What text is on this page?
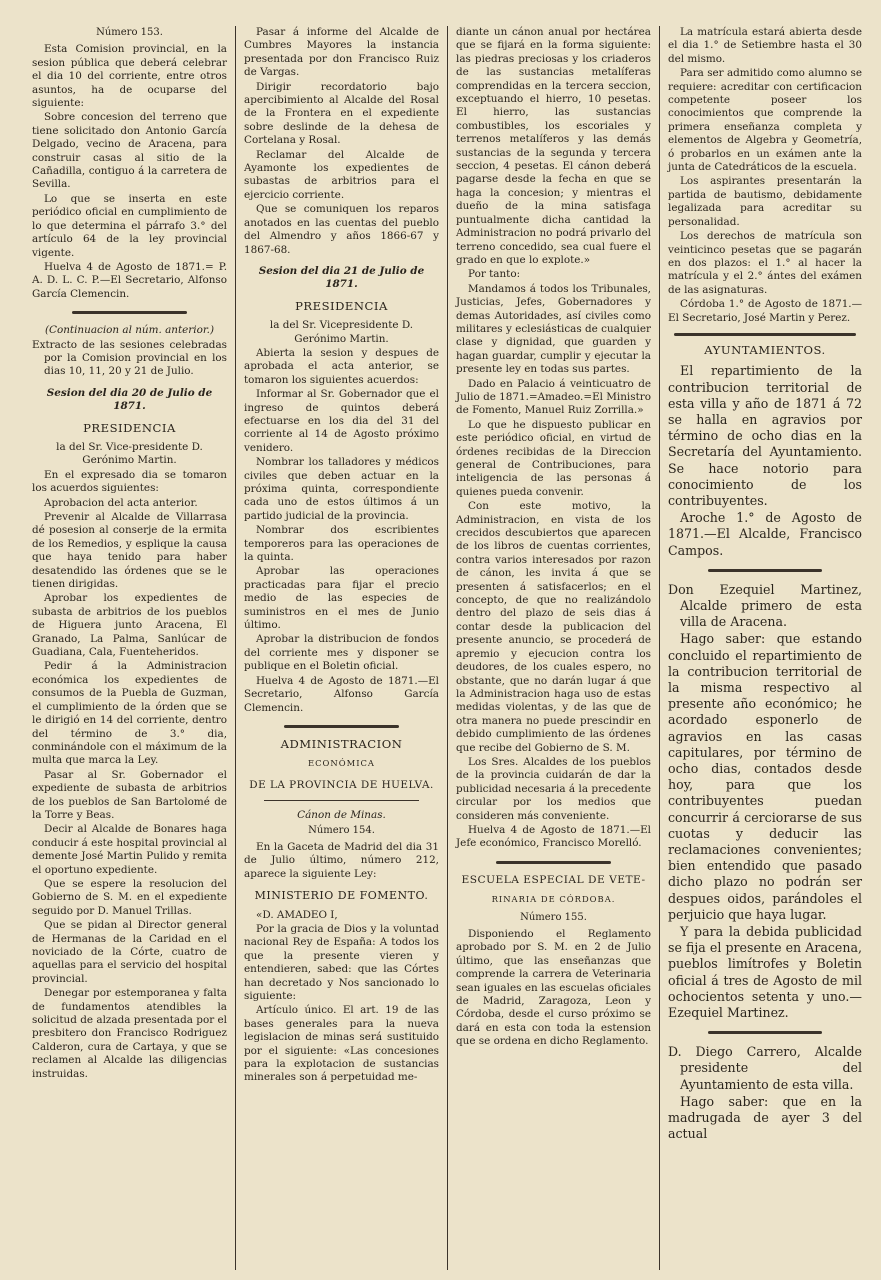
Número 153.

Esta Comision provincial, en la sesion pública que deberá celebrar el dia 10 del corriente, entre otros asuntos, ha de ocuparse del siguiente:

Sobre concesion del terreno que tiene solicitado don Antonio García Delgado, vecino de Aracena, para construir casas al sitio de la Cañadilla, contiguo á la carretera de Sevilla.

Lo que se inserta en este periódico oficial en cumplimiento de lo que determina el párrafo 3.° del artículo 64 de la ley provincial vigente.

Huelva 4 de Agosto de 1871.= P. A. D. L. C. P.—El Secretario, Alfonso García Clemencin.

(Continuacion al núm. anterior.)

Extracto de las sesiones celebradas por la Comision provincial en los dias 10, 11, 20 y 21 de Julio.

Sesion del dia 20 de Julio de 1871.
PRESIDENCIA

la del Sr. Vice-presidente D. Gerónimo Martin.

En el expresado dia se tomaron los acuerdos siguientes:

Aprobacion del acta anterior.

Prevenir al Alcalde de Villarrasa dé posesion al conserje de la ermita de los Remedios, y esplique la causa que haya tenido para haber desatendido las órdenes que se le tienen dirigidas.

Aprobar los expedientes de subasta de arbitrios de los pueblos de Higuera junto Aracena, El Granado, La Palma, Sanlúcar de Guadiana, Cala, Fuenteheridos.

Pedir á la Administracion económica los expedientes de consumos de la Puebla de Guzman, el cumplimiento de la órden que se le dirigió en 14 del corriente, dentro del término de 3.° dia, conminándole con el máximum de la multa que marca la Ley.

Pasar al Sr. Gobernador el expediente de subasta de arbitrios de los pueblos de San Bartolomé de la Torre y Beas.

Decir al Alcalde de Bonares haga conducir á este hospital provincial al demente José Martin Pulido y remita el oportuno expediente.

Que se espere la resolucion del Gobierno de S. M. en el expediente seguido por D. Manuel Trillas.

Que se pidan al Director general de Hermanas de la Caridad en el noviciado de la Córte, cuatro de aquellas para el servicio del hospital provincial.

Denegar por estemporanea y falta de fundamentos atendibles la solicitud de alzada presentada por el presbitero don Francisco Rodriguez Calderon, cura de Cartaya, y que se reclamen al Alcalde las diligencias instruidas.

Pasar á informe del Alcalde de Cumbres Mayores la instancia presentada por don Francisco Ruiz de Vargas.

Dirigir recordatorio bajo apercibimiento al Alcalde del Rosal de la Frontera en el expediente sobre deslinde de la dehesa de Cortelana y Rosal.

Reclamar del Alcalde de Ayamonte los expedientes de subastas de arbitrios para el ejercicio corriente.

Que se comuniquen los reparos anotados en las cuentas del pueblo del Almendro y años 1866-67 y 1867-68.

Sesion del dia 21 de Julio de 1871.
PRESIDENCIA

la del Sr. Vicepresidente D. Gerónimo Martin.

Abierta la sesion y despues de aprobada el acta anterior, se tomaron los siguientes acuerdos:

Informar al Sr. Gobernador que el ingreso de quintos deberá efectuarse en los dia del 31 del corriente al 14 de Agosto próximo venidero.

Nombrar los talladores y médicos civiles que deben actuar en la próxima quinta, correspondiente cada uno de estos últimos á un partido judicial de la provincia.

Nombrar dos escribientes temporeros para las operaciones de la quinta.

Aprobar las operaciones practicadas para fijar el precio medio de las especies de suministros en el mes de Junio último.

Aprobar la distribucion de fondos del corriente mes y disponer se publique en el Boletin oficial.

Huelva 4 de Agosto de 1871.—El Secretario, Alfonso García Clemencin.

ADMINISTRACION
ECONÓMICA
DE LA PROVINCIA DE HUELVA.

Cánon de Minas.

Número 154.

En la Gaceta de Madrid del dia 31 de Julio último, número 212, aparece la siguiente Ley:

MINISTERIO DE FOMENTO.

«D. AMADEO I,

Por la gracia de Dios y la voluntad nacional Rey de España: A todos los que la presente vieren y entendieren, sabed: que las Córtes han decretado y Nos sancionado lo siguiente:

Artículo único. El art. 19 de las bases generales para la nueva legislacion de minas será sustituido por el siguiente: «Las concesiones para la explotacion de sustancias minerales son á perpetuidad me-

diante un cánon anual por hectárea que se fijará en la forma siguiente: las piedras preciosas y los criaderos de las sustancias metalíferas comprendidas en la tercera seccion, exceptuando el hierro, 10 pesetas. El hierro, las sustancias combustibles, los escoriales y terrenos metalíferos y las demás sustancias de la segunda y tercera seccion, 4 pesetas. El cánon deberá pagarse desde la fecha en que se haga la concesion; y mientras el dueño de la mina satisfaga puntualmente dicha cantidad la Administracion no podrá privarlo del terreno concedido, sea cual fuere el grado en que lo explote.»

Por tanto:

Mandamos á todos los Tribunales, Justicias, Jefes, Gobernadores y demas Autoridades, así civiles como militares y eclesiásticas de cualquier clase y dignidad, que guarden y hagan guardar, cumplir y ejecutar la presente ley en todas sus partes.

Dado en Palacio á veinticuatro de Julio de 1871.=Amadeo.=El Ministro de Fomento, Manuel Ruiz Zorrilla.»

Lo que he dispuesto publicar en este periódico oficial, en virtud de órdenes recibidas de la Direccion general de Contribuciones, para inteligencia de las personas á quienes pueda convenir.

Con este motivo, la Administracion, en vista de los crecidos descubiertos que aparecen de los libros de cuentas corrientes, contra varios interesados por razon de cánon, les invita á que se presenten á satisfacerlos; en el concepto, de que no realizándolo dentro del plazo de seis dias á contar desde la publicacion del presente anuncio, se procederá de apremio y ejecucion contra los deudores, de los cuales espero, no obstante, que no darán lugar á que la Administracion haga uso de estas medidas violentas, y de las que de otra manera no puede prescindir en debido cumplimiento de las órdenes que recibe del Gobierno de S. M.

Los Sres. Alcaldes de los pueblos de la provincia cuidarán de dar la publicidad necesaria á la precedente circular por los medios que consideren más conveniente.

Huelva 4 de Agosto de 1871.—El Jefe económico, Francisco Morelló.

ESCUELA ESPECIAL DE VETE-
RINARIA DE CÓRDOBA.
Número 155.

Disponiendo el Reglamento aprobado por S. M. en 2 de Julio último, que las enseñanzas que comprende la carrera de Veterinaria sean iguales en las escuelas oficiales de Madrid, Zaragoza, Leon y Córdoba, desde el curso próximo se dará en esta con toda la estension que se ordena en dicho Reglamento.

La matrícula estará abierta desde el dia 1.° de Setiembre hasta el 30 del mismo.

Para ser admitido como alumno se requiere: acreditar con certificacion competente poseer los conocimientos que comprende la primera enseñanza completa y elementos de Algebra y Geometría, ó probarlos en un exámen ante la junta de Catedráticos de la escuela.

Los aspirantes presentarán la partida de bautismo, debidamente legalizada para acreditar su personalidad.

Los derechos de matrícula son veinticinco pesetas que se pagarán en dos plazos: el 1.° al hacer la matrícula y el 2.° ántes del exámen de las asignaturas.

Córdoba 1.° de Agosto de 1871.—El Secretario, José Martin y Perez.

AYUNTAMIENTOS.

El repartimiento de la contribucion territorial de esta villa y año de 1871 á 72 se halla en agravios por término de ocho dias en la Secretaría del Ayuntamiento. Se hace notorio para conocimiento de los contribuyentes.

Aroche 1.° de Agosto de 1871.—El Alcalde, Francisco Campos.

Don Ezequiel Martinez, Alcalde primero de esta villa de Aracena.

Hago saber: que estando concluido el repartimiento de la contribucion territorial de la misma respectivo al presente año económico; he acordado esponerlo de agravios en las casas capitulares, por término de ocho dias, contados desde hoy, para que los contribuyentes puedan concurrir á cerciorarse de sus cuotas y deducir las reclamaciones convenientes; bien entendido que pasado dicho plazo no podrán ser despues oidos, parándoles el perjuicio que haya lugar.

Y para la debida publicidad se fija el presente en Aracena, pueblos limítrofes y Boletin oficial á tres de Agosto de mil ochocientos setenta y uno.—Ezequiel Martinez.

D. Diego Carrero, Alcalde presidente del Ayuntamiento de esta villa.

Hago saber: que en la madrugada de ayer 3 del actual
